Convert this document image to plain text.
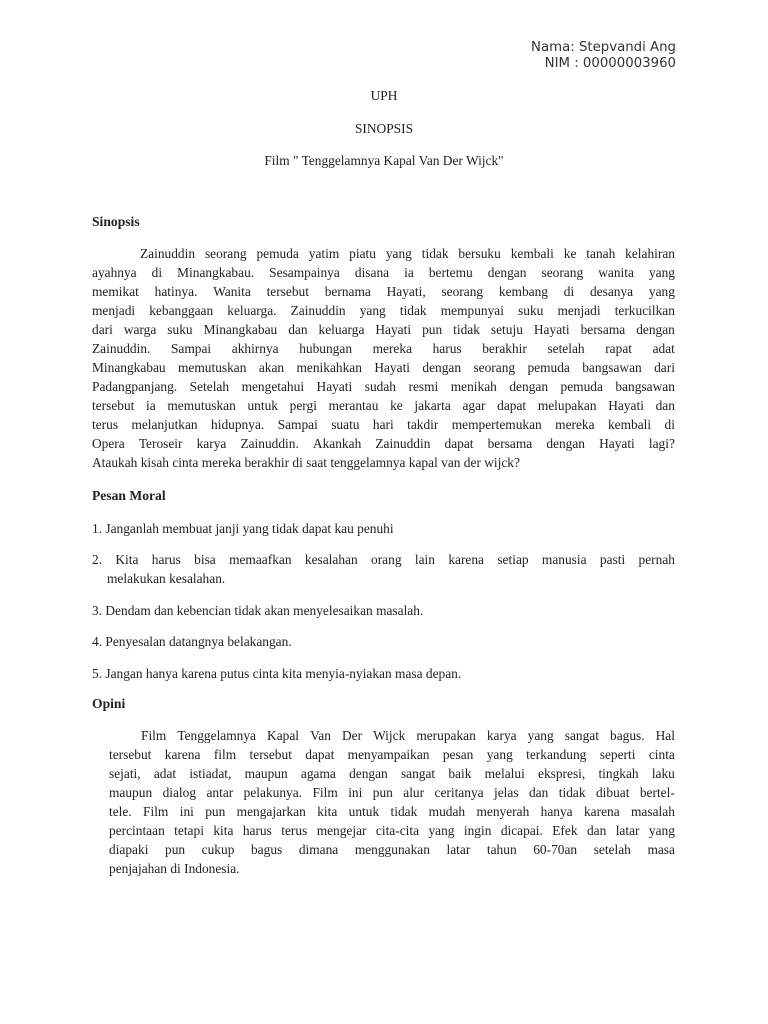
Nama: Stepvandi Ang
NIM : 00000003960
UPH
SINOPSIS
Film " Tenggelamnya Kapal Van Der Wijck"
Sinopsis
Zainuddin seorang pemuda yatim piatu yang tidak bersuku kembali ke tanah kelahiran
ayahnya di Minangkabau. Sesampainya disana ia bertemu dengan seorang wanita yang
memikat hatinya. Wanita tersebut bernama Hayati, seorang kembang di desanya yang
menjadi kebanggaan keluarga. Zainuddin yang tidak mempunyai suku menjadi terkucilkan
dari warga suku Minangkabau dan keluarga Hayati pun tidak setuju Hayati bersama dengan
Zainuddin. Sampai akhirnya hubungan mereka harus berakhir setelah rapat adat
Minangkabau memutuskan akan menikahkan Hayati dengan seorang pemuda bangsawan dari
Padangpanjang. Setelah mengetahui Hayati sudah resmi menikah dengan pemuda bangsawan
tersebut ia memutuskan untuk pergi merantau ke jakarta agar dapat melupakan Hayati dan
terus melanjutkan hidupnya. Sampai suatu hari takdir mempertemukan mereka kembali di
Opera Teroseir karya Zainuddin. Akankah Zainuddin dapat bersama dengan Hayati lagi?
Ataukah kisah cinta mereka berakhir di saat tenggelamnya kapal van der wijck?
Pesan Moral
1. Janganlah membuat janji yang tidak dapat kau penuhi
2. Kita harus bisa memaafkan kesalahan orang lain karena setiap manusia pasti pernah
melakukan kesalahan.
3. Dendam dan kebencian tidak akan menyelesaikan masalah.
4. Penyesalan datangnya belakangan.
5. Jangan hanya karena putus cinta kita menyia-nyiakan masa depan.
Opini
Film Tenggelamnya Kapal Van Der Wijck merupakan karya yang sangat bagus. Hal
tersebut karena film tersebut dapat menyampaikan pesan yang terkandung seperti cinta
sejati, adat istiadat, maupun agama dengan sangat baik melalui ekspresi, tingkah laku
maupun dialog antar pelakunya. Film ini pun alur ceritanya jelas dan tidak dibuat bertel-
tele. Film ini pun mengajarkan kita untuk tidak mudah menyerah hanya karena masalah
percintaan tetapi kita harus terus mengejar cita-cita yang ingin dicapai. Efek dan latar yang
diapaki pun cukup bagus dimana menggunakan latar tahun 60-70an setelah masa
penjajahan di Indonesia.
